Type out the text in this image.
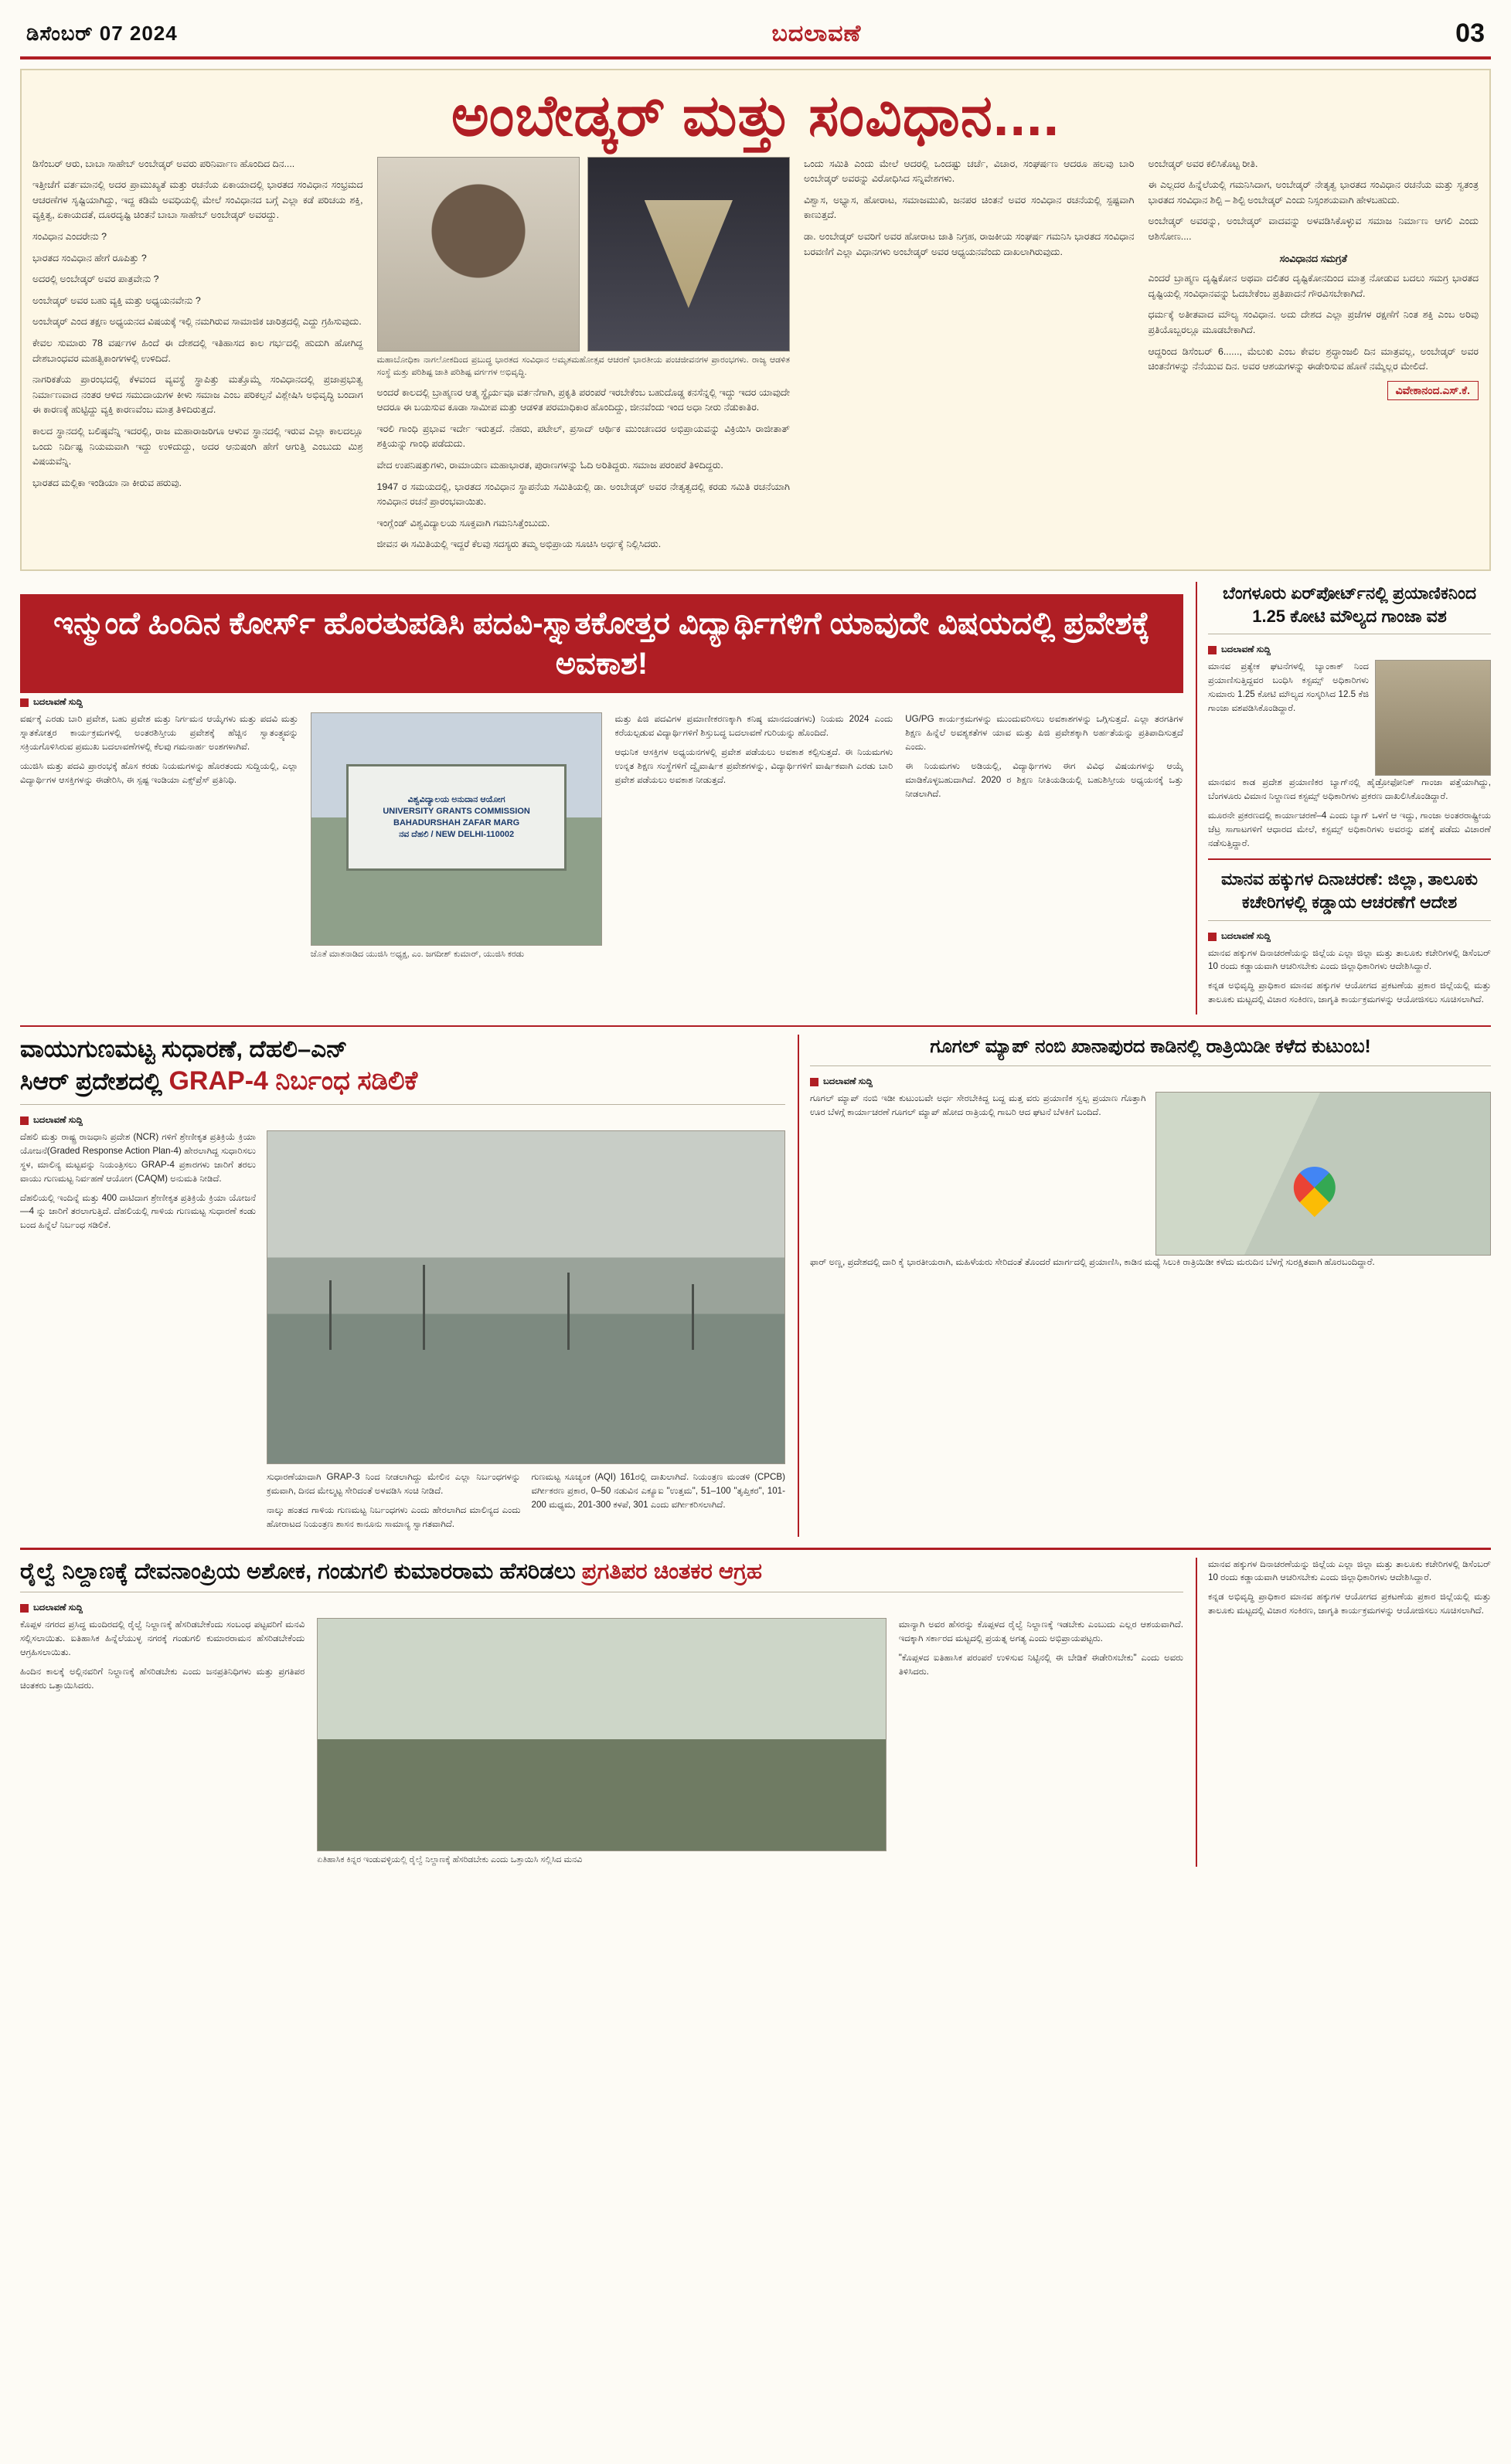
ಡಿಸೆಂಬರ್ 07 2024	ಬದಲಾವಣೆ	03
ಅಂಬೇಡ್ಕರ್ ಮತ್ತು ಸಂವಿಧಾನ....

ಡಿಸೆಂಬರ್ ಆರು, ಬಾಬಾ ಸಾಹೇಬ್ ಅಂಬೇಡ್ಕರ್ ಅವರು ಪರಿನಿರ್ವಾಣ ಹೊಂದಿದ ದಿನ....

ಇತ್ತೀಚೆಗೆ ವರ್ತಮಾನಲ್ಲಿ ಅದರ ಪ್ರಾಮುಖ್ಯತೆ ಮತ್ತು ರಚನೆಯ ಏಕಾಯಾದಲ್ಲಿ ಭಾರತದ ಸಂವಿಧಾನ ಸಂಭ್ರಮದ ಆಚರಣೆಗಳ ಸೃಷ್ಟಿಯಾಗಿದ್ದು, ಇದ್ದ ಕಡಿಮೆ ಅವಧಿಯಲ್ಲಿ ಮೇಲೆ ಸಂವಿಧಾನದ ಬಗ್ಗೆ ಎಲ್ಲಾ ಕಡೆ ಪರಿಚಯ ಶಕ್ತಿ, ವ್ಯಕ್ತಿತ್ವ, ಏಕಾಯದತೆ, ದೂರದೃಷ್ಟಿ ಚಿಂತನೆ ಬಾಬಾ ಸಾಹೇಬ್ ಅಂಬೇಡ್ಕರ್ ಅವರದ್ದು.

ಸಂವಿಧಾನ ಎಂದರೇನು ?

ಭಾರತದ ಸಂವಿಧಾನ ಹೇಗೆ ರೂಪಿತ್ತು ?

ಅದರಲ್ಲಿ ಅಂಬೇಡ್ಕರ್ ಅವರ ಪಾತ್ರವೇನು ?

ಅಂಬೇಡ್ಕರ್ ಅವರ ಬಹು ವ್ಯಕ್ತಿ ಮತ್ತು ಅಧ್ಯಯನವೇನು ?

ಅಂಬೇಡ್ಕರ್ ಎಂದ ತಕ್ಷಣ ಅಧ್ಯಯನದ ವಿಷಯಕ್ಕೆ ಇಲ್ಲಿ ನಮಗಿರುವ ಸಾಮಾಜಿಕ ಚಾರಿತ್ರದಲ್ಲಿ ಎದ್ದು ಗ್ರಹಿಸುವುದು.

ಕೇವಲ ಸುಮಾರು 78 ವರ್ಷಗಳ ಹಿಂದೆ ಈ ದೇಶದಲ್ಲಿ ಇತಿಹಾಸದ ಕಾಲ ಗರ್ಭದಲ್ಲಿ ಹುದುಗಿ ಹೋಗಿದ್ದ ದೇಶಬಾಂಧವರ ಮಹತ್ವಿಕಾಂಗಗಳಲ್ಲಿ ಉಳಿದಿದೆ.

ನಾಗರಿಕತೆಯ ಪ್ರಾರಂಭದಲ್ಲಿ ಕೆಳವಂದ ವ್ಯವಸ್ಥೆ ಸ್ಥಾಪಿತ್ತು ಮತ್ತೊಮ್ಮೆ ಸಂವಿಧಾನದಲ್ಲಿ ಪ್ರಜಾಪ್ರಭುತ್ವ ನಿರ್ಮಾಣವಾದ ನಂತರ ಆಳಿದ ಸಮುದಾಯಗಳ ಕೀಳು ಸಮಾಜ ಎಂಬ ಪರಿಕಲ್ಪನೆ ವಿಶ್ಲೇಷಿಸಿ ಅಭಿವೃದ್ಧಿ ಬಂದಾಗ ಈ ಕಾರಣಕ್ಕೆ ಹುಟ್ಟಿದ್ದು ವ್ಯಕ್ತಿ ಕಾರಣವೆಂಬ ಮಾತ್ರ ತಿಳಿದಿರುತ್ತದೆ.

ಕಾಲದ ಸ್ಥಾನದಲ್ಲಿ ಬಲಿಷ್ಠವೆನ್ನಿ ಇದರಲ್ಲಿ, ರಾಜ ಮಹಾರಾಜರಿಗೂ ಆಳುವ ಸ್ಥಾನದಲ್ಲಿ ಇರುವ ಎಲ್ಲಾ ಕಾಲದಲ್ಲೂ ಒಂದು ನಿರ್ದಿಷ್ಟ ನಿಯಮವಾಗಿ ಇದ್ದು ಉಳಿದುದ್ದು, ಅದರ ಆನುಷಂಗಿ ಹೇಗೆ ಆಗುತ್ತಿ ಎಂಬುದು ಮಿಶ್ರ ವಿಷಯವೆನ್ನಿ.

ಭಾರತದ ಮಲ್ಲಿಕಾ ಇಂಡಿಯಾ ನಾ ಕೀರುವ ಹರುವು.

ಮಹಾಬೋಧಿಕಾ ನಾಗಲೋಕದಿಂದ ಪ್ರಬುದ್ಧ ಭಾರತದ ಸಂವಿಧಾನ ಅಮೃತಮಹೋತ್ಸವ ಆಚರಣೆ ಭಾರತೀಯ ಪಂಚಜೀವನಗಳ ಪ್ರಾರಂಭಗಳು. ರಾಜ್ಯ ಆಡಳಿತ ಸಂಸ್ಥೆ ಮತ್ತು ಪರಿಶಿಷ್ಟ ಜಾತಿ ಪರಿಶಿಷ್ಟ ವರ್ಗಗಳ ಅಭಿವೃದ್ಧಿ.

ಅಂದರೆ ಕಾಲದಲ್ಲಿ ಬ್ರಾಹ್ಮಣರ ಆತ್ಮ ಸ್ಥೈರ್ಯವೂ ವರ್ತನೆಗಾಗಿ, ಪ್ರಕೃತಿ ಪರಂಪರೆ ಇರಬೇಕೆಂಬ ಬಹುದೊಡ್ಡ ಕನಸೆನ್ನಲ್ಲಿ ಇದ್ದು ಇದರ ಯಾವುದೇ ಆದರೂ ಈ ಬಯಸುವ ಕೂಡಾ ಸಾಮೀಪ ಮತ್ತು ಆಡಳಿತ ಪರಮಾಧಿಕಾರ ಹೊಂದಿದ್ದು, ಜೀನವೆಂದು ಇಂದ ಅಧಾ ನೀರು ನೆಡುಕಾತಿರ.

ಇರಲಿ ಗಾಂಧಿ ಪ್ರಭಾವ ಇರ್ದೇ ಇರುತ್ತದೆ. ನೆಹರು, ಪಟೇಲ್, ಪ್ರಸಾದ್ ಆರ್ಥಿಕ ಮುಂಚಣದರ ಅಭಿಪ್ರಾಯವನ್ನು ವಿಕ್ರಿಯಿಸಿ ರಾಜೀತಾತ್ ಶಕ್ತಿಯನ್ನು ಗಾಂಧಿ ಪಡೆದುದು.

ವೇದ ಉಪನಿಷತ್ತುಗಳು, ರಾಮಾಯಣ ಮಹಾಭಾರತ, ಪುರಾಣಗಳನ್ನು ಓದಿ ಅರಿತಿದ್ದರು. ಸಮಾಜ ಪರಂಪರೆ ತಿಳಿದಿದ್ದರು.

1947 ರ ಸಮಯದಲ್ಲಿ, ಭಾರತದ ಸಂವಿಧಾನ ಸ್ಥಾಪನೆಯ ಸಮಿತಿಯಲ್ಲಿ ಡಾ. ಅಂಬೇಡ್ಕರ್ ಅವರ ನೇತೃತ್ವದಲ್ಲಿ ಕರಡು ಸಮಿತಿ ರಚನೆಯಾಗಿ ಸಂವಿಧಾನ ರಚನೆ ಪ್ರಾರಂಭವಾಯಿತು.

ಇಂಗ್ಲೆಂಡ್ ವಿಶ್ವವಿದ್ಯಾಲಯ ಸೂಕ್ತವಾಗಿ ಗಮನಿಸಿತ್ತೆಂಬುದು.

ಜೀವನ ಈ ಸಮಿತಿಯಲ್ಲಿ ಇದ್ದರೆ ಕೆಲವು ಸದಸ್ಯರು ತಮ್ಮ ಅಭಿಪ್ರಾಯ ಸೂಚಿಸಿ ಅರ್ಧಕ್ಕೆ ನಿಲ್ಲಿಸಿದರು.

ಒಂದು ಸಮಿತಿ ಎಂದು ಮೇಲೆ ಆದರಲ್ಲಿ ಒಂದಷ್ಟು ಚರ್ಚೆ, ವಿಚಾರ, ಸಂಘರ್ಷಣ ಆದರೂ ಹಲವು ಬಾರಿ ಅಂಬೇಡ್ಕರ್ ಅವರನ್ನು ವಿರೋಧಿಸಿದ ಸನ್ನಿವೇಶಗಳು.

ವಿಶ್ವಾಸ, ಅಭ್ಯಾಸ, ಹೋರಾಟ, ಸಮಾಜಮುಖಿ, ಜನಪರ ಚಿಂತನೆ ಅವರ ಸಂವಿಧಾನ ರಚನೆಯಲ್ಲಿ ಸ್ಪಷ್ಟವಾಗಿ ಕಾಣುತ್ತದೆ.

ಡಾ. ಅಂಬೇಡ್ಕರ್ ಅವರಿಗೆ ಅವರ ಹೋರಾಟ ಜಾತಿ ನಿಗ್ರಹ, ರಾಜಕೀಯ ಸಂಘರ್ಷ ಗಮನಿಸಿ ಭಾರತದ ಸಂವಿಧಾನ ಬರವಣಿಗೆ ಎಲ್ಲಾ ವಿಧಾನಗಳು ಅಂಬೇಡ್ಕರ್ ಅವರ ಆಧ್ಯಯನವೆಂದು ದಾಖಲಾಗಿರುವುದು.

ಅಂಬೇಡ್ಕರ್ ಅವರ ಕಲಿಸಿಕೊಟ್ಟ ರೀತಿ.

ಈ ಎಲ್ಲದರ ಹಿನ್ನೆಲೆಯಲ್ಲಿ ಗಮನಿಸಿದಾಗ, ಅಂಬೇಡ್ಕರ್ ನೇತೃತ್ವ ಭಾರತದ ಸಂವಿಧಾನ ರಚನೆಯ ಮತ್ತು ಸ್ವತಂತ್ರ ಭಾರತದ ಸಂವಿಧಾನ ಶಿಲ್ಪಿ – ಶಿಲ್ಪಿ ಅಂಬೇಡ್ಕರ್ ಎಂದು ನಿಸ್ಸಂಶಯವಾಗಿ ಹೇಳಬಹುದು.

ಅಂಬೇಡ್ಕರ್ ಅವರನ್ನು, ಅಂಬೇಡ್ಕರ್ ವಾದವನ್ನು ಅಳವಡಿಸಿಕೊಳ್ಳುವ ಸಮಾಜ ನಿರ್ಮಾಣ ಆಗಲಿ ಎಂದು ಆಶಿಸೋಣ....

ಸಂವಿಧಾನದ ಸಮಗ್ರತೆ

ಎಂದರೆ ಬ್ರಾಹ್ಮಣ ದೃಷ್ಟಿಕೋನ ಅಥವಾ ದಲಿತರ ದೃಷ್ಟಿಕೋನದಿಂದ ಮಾತ್ರ ನೋಡುವ ಬದಲು ಸಮಗ್ರ ಭಾರತದ ದೃಷ್ಟಿಯಲ್ಲಿ ಸಂವಿಧಾನವನ್ನು ಓದಬೇಕೆಂಬ ಪ್ರತಿಪಾದನೆ ಗೌರವಿಸಬೇಕಾಗಿದೆ.

ಧರ್ಮಕ್ಕೆ ಅತೀತವಾದ ಮೌಲ್ಯ ಸಂವಿಧಾನ. ಅದು ದೇಶದ ಎಲ್ಲಾ ಪ್ರಜೆಗಳ ರಕ್ಷಣೆಗೆ ನಿಂತ ಶಕ್ತಿ ಎಂಬ ಅರಿವು ಪ್ರತಿಯೊಬ್ಬರಲ್ಲೂ ಮೂಡಬೇಕಾಗಿದೆ.

ಆದ್ದರಿಂದ ಡಿಸೆಂಬರ್ 6......, ಮೆಲುಕು ಎಂಬ ಕೇವಲ ಶ್ರದ್ಧಾಂಜಲಿ ದಿನ ಮಾತ್ರವಲ್ಲ, ಅಂಬೇಡ್ಕರ್ ಅವರ ಚಿಂತನೆಗಳನ್ನು ನೆನೆಯುವ ದಿನ. ಅವರ ಆಶಯಗಳನ್ನು ಈಡೇರಿಸುವ ಹೊಣೆ ನಮ್ಮೆಲ್ಲರ ಮೇಲಿದೆ.

ವಿವೇಕಾನಂದ.ಎಸ್.ಕೆ.
ಇನ್ಮುಂದೆ ಹಿಂದಿನ ಕೋರ್ಸ್ ಹೊರತುಪಡಿಸಿ ಪದವಿ-ಸ್ನಾತಕೋತ್ತರ ವಿದ್ಯಾರ್ಥಿಗಳಿಗೆ ಯಾವುದೇ ವಿಷಯದಲ್ಲಿ ಪ್ರವೇಶಕ್ಕೆ ಅವಕಾಶ!
ಬದಲಾವಣೆ ಸುದ್ದಿ

ವರ್ಷಕ್ಕೆ ಎರಡು ಬಾರಿ ಪ್ರವೇಶ, ಬಹು ಪ್ರವೇಶ ಮತ್ತು ನಿರ್ಗಮನ ಆಯ್ಕೆಗಳು ಮತ್ತು ಪದವಿ ಮತ್ತು ಸ್ನಾತಕೋತ್ತರ ಕಾರ್ಯಕ್ರಮಗಳಲ್ಲಿ ಅಂತರಶಿಸ್ತೀಯ ಪ್ರವೇಶಕ್ಕೆ ಹೆಚ್ಚಿನ ಸ್ವಾತಂತ್ರ್ಯವನ್ನು ಸಕ್ರಿಯಗೊಳಿಸಿರುವ ಪ್ರಮುಖ ಬದಲಾವಣೆಗಳಲ್ಲಿ ಕೆಲವು ಗಮನಾರ್ಹ ಅಂಶಗಳಾಗಿವೆ.

ಯುಜಿಸಿ ಮತ್ತು ಪದವಿ ಪ್ರಾರಂಭಕ್ಕೆ ಹೊಸ ಕರಡು ನಿಯಮಗಳನ್ನು ಹೊರತಂದು ಸುದ್ದಿಯಲ್ಲಿ, ಎಲ್ಲಾ ವಿದ್ಯಾರ್ಥಿಗಳ ಆಸಕ್ತಿಗಳನ್ನು ಈಡೇರಿಸಿ, ಈ ಸ್ಪಷ್ಟ ಇಂಡಿಯಾ ಎಕ್ಸ್‌ಪ್ರೆಸ್ ಪ್ರತಿನಿಧಿ.

ವಿಶ್ವವಿದ್ಯಾಲಯ ಅನುದಾನ ಆಯೋಗ
UNIVERSITY GRANTS COMMISSION
BAHADURSHAH ZAFAR MARG
ನವ ದೆಹಲಿ / NEW DELHI-110002
ಜೊತೆ ಮಾತನಾಡಿದ ಯುಜಿಸಿ ಅಧ್ಯಕ್ಷ, ಎಂ. ಜಗದೀಶ್ ಕುಮಾರ್, ಯುಜಿಸಿ ಕರಡು

ಮತ್ತು ಪಿಜಿ ಪದವಿಗಳ ಪ್ರಮಾಣೀಕರಣಕ್ಕಾಗಿ ಕನಿಷ್ಠ ಮಾನದಂಡಗಳು) ನಿಯಮ 2024 ಎಂದು ಕರೆಯಲ್ಪಡುವ ವಿದ್ಯಾರ್ಥಿಗಳಿಗೆ ಶಿಸ್ತುಬದ್ಧ ಬದಲಾವಣೆ ಗುರಿಯನ್ನು ಹೊಂದಿದೆ.

ಆಧುನಿಕ ಆಸಕ್ತಿಗಳ ಅಧ್ಯಯನಗಳಲ್ಲಿ ಪ್ರವೇಶ ಪಡೆಯಲು ಅವಕಾಶ ಕಲ್ಪಿಸುತ್ತದೆ. ಈ ನಿಯಮಗಳು ಉನ್ನತ ಶಿಕ್ಷಣ ಸಂಸ್ಥೆಗಳಿಗೆ ದ್ವೈವಾರ್ಷಿಕ ಪ್ರವೇಶಗಳನ್ನು, ವಿದ್ಯಾರ್ಥಿಗಳಿಗೆ ವಾರ್ಷಿಕವಾಗಿ ಎರಡು ಬಾರಿ ಪ್ರವೇಶ ಪಡೆಯಲು ಅವಕಾಶ ನೀಡುತ್ತದೆ.

UG/PG ಕಾರ್ಯಕ್ರಮಗಳನ್ನು ಮುಂದುವರಿಸಲು ಅವಕಾಶಗಳನ್ನು ಒಗ್ಗಿಸುತ್ತದೆ. ಎಲ್ಲಾ ತರಗತಿಗಳ ಶಿಕ್ಷಣ ಹಿನ್ನೆಲೆ ಅವಶ್ಯಕತೆಗಳ ಯಾವ ಮತ್ತು ಪಿಜಿ ಪ್ರವೇಶಕ್ಕಾಗಿ ಅರ್ಹತೆಯನ್ನು ಪ್ರತಿಪಾದಿಸುತ್ತದೆ ಎಂದು.

ಈ ನಿಯಮಗಳು ಅಡಿಯಲ್ಲಿ, ವಿದ್ಯಾರ್ಥಿಗಳು ಈಗ ವಿವಿಧ ವಿಷಯಗಳನ್ನು ಆಯ್ಕೆ ಮಾಡಿಕೊಳ್ಳಬಹುದಾಗಿದೆ. 2020 ರ ಶಿಕ್ಷಣ ನೀತಿಯಡಿಯಲ್ಲಿ ಬಹುಶಿಸ್ತೀಯ ಅಧ್ಯಯನಕ್ಕೆ ಒತ್ತು ನೀಡಲಾಗಿದೆ.

ಬೆಂಗಳೂರು ಏರ್‌ಪೋರ್ಟ್‌ನಲ್ಲಿ ಪ್ರಯಾಣಿಕನಿಂದ 1.25 ಕೋಟಿ ಮೌಲ್ಯದ ಗಾಂಜಾ ವಶ
ಬದಲಾವಣೆ ಸುದ್ದಿ

ಮಾನವ ಪ್ರತ್ಯೇಕ ಘಟನೆಗಳಲ್ಲಿ ಬ್ಯಾಂಕಾಕ್ ನಿಂದ ಪ್ರಯಾಣಿಸುತ್ತಿದ್ದವರ ಬಂಧಿಸಿ ಕಸ್ಟಮ್ಸ್ ಅಧಿಕಾರಿಗಳು ಸುಮಾರು 1.25 ಕೋಟಿ ಮೌಲ್ಯದ ಸಂಸ್ಕರಿಸಿದ 12.5 ಕೆಜಿ ಗಾಂಜಾ ವಶಪಡಿಸಿಕೊಂಡಿದ್ದಾರೆ.

ಮಾನವನ ಕಾಡ ಪ್ರದೇಶ ಪ್ರಯಾಣಿಕರ ಬ್ಯಾಗ್‌ನಲ್ಲಿ ಹೈಡ್ರೋಫೋನಿಕ್ ಗಾಂಜಾ ಪತ್ತೆಯಾಗಿದ್ದು, ಬೆಂಗಳೂರು ವಿಮಾನ ನಿಲ್ದಾಣದ ಕಸ್ಟಮ್ಸ್ ಅಧಿಕಾರಿಗಳು ಪ್ರಕರಣ ದಾಖಲಿಸಿಕೊಂಡಿದ್ದಾರೆ.

ಮೂರನೇ ಪ್ರಕರಣದಲ್ಲಿ ಕಾರ್ಯಾಚರಣೆ–4 ಎಂದು ಬ್ಯಾಗ್ ಒಳಗೆ ಆ ಇದ್ದು, ಗಾಂಜಾ ಅಂತರರಾಷ್ಟ್ರೀಯ ಜೆಟ್ರ ಸಾಗಾಟಗಳಿಗೆ ಆಧಾರದ ಮೇಲೆ, ಕಸ್ಟಮ್ಸ್ ಅಧಿಕಾರಿಗಳು ಅವರನ್ನು ವಶಕ್ಕೆ ಪಡೆದು ವಿಚಾರಣೆ ನಡೆಸುತ್ತಿದ್ದಾರೆ.

ಮಾನವ ಹಕ್ಕುಗಳ ದಿನಾಚರಣೆ: ಜಿಲ್ಲಾ, ತಾಲೂಕು ಕಚೇರಿಗಳಲ್ಲಿ ಕಡ್ಡಾಯ ಆಚರಣೆಗೆ ಆದೇಶ
ಬದಲಾವಣೆ ಸುದ್ದಿ

ಮಾನವ ಹಕ್ಕುಗಳ ದಿನಾಚರಣೆಯನ್ನು ಜಿಲ್ಲೆಯ ಎಲ್ಲಾ ಜಿಲ್ಲಾ ಮತ್ತು ತಾಲೂಕು ಕಚೇರಿಗಳಲ್ಲಿ ಡಿಸೆಂಬರ್ 10 ರಂದು ಕಡ್ಡಾಯವಾಗಿ ಆಚರಿಸಬೇಕು ಎಂದು ಜಿಲ್ಲಾಧಿಕಾರಿಗಳು ಆದೇಶಿಸಿದ್ದಾರೆ.

ಕನ್ನಡ ಅಭಿವೃದ್ಧಿ ಪ್ರಾಧಿಕಾರ ಮಾನವ ಹಕ್ಕುಗಳ ಆಯೋಗದ ಪ್ರಕಟಣೆಯ ಪ್ರಕಾರ ಜಿಲ್ಲೆಯಲ್ಲಿ ಮತ್ತು ತಾಲೂಕು ಮಟ್ಟದಲ್ಲಿ ವಿಚಾರ ಸಂಕಿರಣ, ಜಾಗೃತಿ ಕಾರ್ಯಕ್ರಮಗಳನ್ನು ಆಯೋಜಿಸಲು ಸೂಚಿಸಲಾಗಿದೆ.

ವಾಯುಗುಣಮಟ್ಟ ಸುಧಾರಣೆ, ದೆಹಲಿ–ಎನ್
ಸಿಆರ್ ಪ್ರದೇಶದಲ್ಲಿ GRAP-4 ನಿರ್ಬಂಧ ಸಡಿಲಿಕೆ
ಬದಲಾವಣೆ ಸುದ್ದಿ

ದೆಹಲಿ ಮತ್ತು ರಾಷ್ಟ್ರ ರಾಜಧಾನಿ ಪ್ರದೇಶ (NCR) ಗಳಿಗೆ ಶ್ರೇಣೀಕೃತ ಪ್ರತಿಕ್ರಿಯೆ ಕ್ರಿಯಾ ಯೋಜನೆ(Graded Response Action Plan-4) ಹೇರಲಾಗಿದ್ದ ಸುಧಾರಿಸಲು ಸ್ಥಳ, ಮಾಲಿನ್ಯ ಮಟ್ಟವನ್ನು ನಿಯಂತ್ರಿಸಲು GRAP-4 ಪ್ರಕಾರಗಳು ಜಾರಿಗೆ ತರಲು ವಾಯು ಗುಣಮಟ್ಟ ನಿರ್ವಹಣೆ ಆಯೋಗ (CAQM) ಅನುಮತಿ ನೀಡಿದೆ.

ದೆಹಲಿಯಲ್ಲಿ ಇಂದಿನ್ನೆ ಮತ್ತು 400 ದಾಟಿದಾಗ ಶ್ರೇಣೀಕೃತ ಪ್ರತಿಕ್ರಿಯೆ ಕ್ರಿಯಾ ಯೋಜನೆ—4 ನ್ನು ಜಾರಿಗೆ ತರಲಾಗುತ್ತಿದೆ. ದೆಹಲಿಯಲ್ಲಿ ಗಾಳಿಯ ಗುಣಮಟ್ಟ ಸುಧಾರಣೆ ಕಂಡು ಬಂದ ಹಿನ್ನೆಲೆ ನಿರ್ಬಂಧ ಸಡಿಲಿಕೆ.

ಸುಧಾರಣೆಯಾದಾಗಿ GRAP-3 ನಿಂದ ನೀಡಲಾಗಿದ್ದು ಮೇಲಿನ ಎಲ್ಲಾ ನಿರ್ಬಂಧಗಳನ್ನು ಕ್ರಮವಾಗಿ, ದಿನದ ಮೇಲ್ಮಟ್ಟ ಸೇರಿದಂತೆ ಅಳವಡಿಸಿ ಸಂಚಿ ನೀಡಿದೆ.

ನಾಲ್ಕು ಹಂತದ ಗಾಳಿಯ ಗುಣಮಟ್ಟ ನಿರ್ಬಂಧಗಳು ಎಂದು ಹೇರಲಾಗಿದ ಮಾಲಿನ್ಯದ ಎಂದು ಹೋರಾಟದ ನಿಯಂತ್ರಣ ಶಾಸನ ಕಾನೂನು ಸಾಮಾನ್ಯ ಸ್ವಾಗತವಾಗಿದೆ.

ಗುಣಮಟ್ಟ ಸೂಚ್ಯಂಕ (AQI) 161ರಲ್ಲಿ ದಾಖಲಾಗಿದೆ. ನಿಯಂತ್ರಣ ಮಂಡಳಿ (CPCB) ವರ್ಗೀಕರಣ ಪ್ರಕಾರ, 0–50 ನಡುವಿನ ಎಕ್ಯೂಐ "ಉತ್ತಮ", 51–100 "ತೃಪ್ತಿಕರ", 101-200 ಮಧ್ಯಮ, 201-300 ಕಳಪೆ, 301 ಎಂದು ವರ್ಗೀಕರಿಸಲಾಗಿದೆ.

ಗೂಗಲ್ ಮ್ಯಾಪ್ ನಂಬಿ ಖಾನಾಪುರದ ಕಾಡಿನಲ್ಲಿ ರಾತ್ರಿಯಿಡೀ ಕಳೆದ ಕುಟುಂಬ!
ಬದಲಾವಣೆ ಸುದ್ದಿ

ಗೂಗಲ್ ಮ್ಯಾಪ್ ನಂಬಿ ಇಡೀ ಕುಟುಂಬವೇ ಅರ್ಧ ಸೇರಬೇಕಿದ್ದ ಬದ್ದ ಮತ್ತ ವರು ಪ್ರಯಾಣಿಕ ಸ್ವಲ್ಪ ಪ್ರಯಾಣ ಗೊತ್ತಾಗಿ ಊರ ಬೆಳಗ್ಗೆ ಕಾರ್ಯಾಚರಣೆ ಗೂಗಲ್ ಮ್ಯಾಪ್ ಹೋದ ರಾತ್ರಿಯಲ್ಲಿ ಗಾಬರಿ ಆದ ಘಟನೆ ಬೆಳಕಿಗೆ ಬಂದಿದೆ.

ಫಾರ್ ಅಣ್ಣ, ಪ್ರದೇಶದಲ್ಲಿ ದಾರಿ ಕೈ ಭಾರತೀಯರಾಗಿ, ಮಹಿಳೆಯರು ಸೇರಿದಂತೆ ತೊಂದರೆ ಮಾರ್ಗದಲ್ಲಿ ಪ್ರಯಾಣಿಸಿ, ಕಾಡಿನ ಮಧ್ಯೆ ಸಿಲುಕಿ ರಾತ್ರಿಯಿಡೀ ಕಳೆದು ಮರುದಿನ ಬೆಳಗ್ಗೆ ಸುರಕ್ಷಿತವಾಗಿ ಹೊರಬಂದಿದ್ದಾರೆ.

ರೈಲ್ವೆ ನಿಲ್ದಾಣಕ್ಕೆ ದೇವನಾಂಪ್ರಿಯ ಅಶೋಕ, ಗಂಡುಗಲಿ ಕುಮಾರರಾಮ ಹೆಸರಿಡಲು ಪ್ರಗತಿಪರ ಚಿಂತಕರ ಆಗ್ರಹ
ಬದಲಾವಣೆ ಸುದ್ದಿ

ಕೊಪ್ಪಳ ನಗರದ ಪ್ರಸಿದ್ಧ ಮಂದಿರದಲ್ಲಿ ರೈಲ್ವೆ ನಿಲ್ದಾಣಕ್ಕೆ ಹೆಸರಿಡಬೇಕೆಂದು ಸಂಬಂಧ ಪಟ್ಟವರಿಗೆ ಮನವಿ ಸಲ್ಲಿಸಲಾಯಿತು. ಐತಿಹಾಸಿಕ ಹಿನ್ನೆಲೆಯುಳ್ಳ ನಗರಕ್ಕೆ ಗಂಡುಗಲಿ ಕುಮಾರರಾಮನ ಹೆಸರಿಡಬೇಕೆಂದು ಆಗ್ರಹಿಸಲಾಯಿತು.

ಹಿಂದಿನ ಕಾಲಕ್ಕೆ ಅಲ್ಲಿನವರಿಗೆ ನಿಲ್ದಾಣಕ್ಕೆ ಹೆಸರಿಡಬೇಕು ಎಂದು ಜನಪ್ರತಿನಿಧಿಗಳು ಮತ್ತು ಪ್ರಗತಿಪರ ಚಿಂತಕರು ಒತ್ತಾಯಿಸಿದರು.

ಏತಿಹಾಸಿಕ ಕಿನ್ನರ ಇಂಡುವಳ್ಳಿಯಲ್ಲಿ ರೈಲ್ವೆ ನಿಲ್ದಾಣಕ್ಕೆ ಹೆಸರಿಡಬೇಕು ಎಂದು ಒತ್ತಾಯಿಸಿ ಸಲ್ಲಿಸಿದ ಮನವಿ

ಮಾನ್ಯಾಗಿ ಅವರ ಹೆಸರನ್ನು ಕೊಪ್ಪಳದ ರೈಲ್ವೆ ನಿಲ್ದಾಣಕ್ಕೆ ಇಡಬೇಕು ಎಂಬುದು ಎಲ್ಲರ ಆಶಯವಾಗಿದೆ. ಇದಕ್ಕಾಗಿ ಸರ್ಕಾರದ ಮಟ್ಟದಲ್ಲಿ ಪ್ರಯತ್ನ ಅಗತ್ಯ ಎಂದು ಅಭಿಪ್ರಾಯಪಟ್ಟರು.

"ಕೊಪ್ಪಳದ ಐತಿಹಾಸಿಕ ಪರಂಪರೆ ಉಳಿಸುವ ನಿಟ್ಟಿನಲ್ಲಿ ಈ ಬೇಡಿಕೆ ಈಡೇರಿಸಬೇಕು" ಎಂದು ಅವರು ತಿಳಿಸಿದರು.

ಮಾನವ ಹಕ್ಕುಗಳ ದಿನಾಚರಣೆಯನ್ನು ಜಿಲ್ಲೆಯ ಎಲ್ಲಾ ಜಿಲ್ಲಾ ಮತ್ತು ತಾಲೂಕು ಕಚೇರಿಗಳಲ್ಲಿ ಡಿಸೆಂಬರ್ 10 ರಂದು ಕಡ್ಡಾಯವಾಗಿ ಆಚರಿಸಬೇಕು ಎಂದು ಜಿಲ್ಲಾಧಿಕಾರಿಗಳು ಆದೇಶಿಸಿದ್ದಾರೆ.

ಕನ್ನಡ ಅಭಿವೃದ್ಧಿ ಪ್ರಾಧಿಕಾರ ಮಾನವ ಹಕ್ಕುಗಳ ಆಯೋಗದ ಪ್ರಕಟಣೆಯ ಪ್ರಕಾರ ಜಿಲ್ಲೆಯಲ್ಲಿ ಮತ್ತು ತಾಲೂಕು ಮಟ್ಟದಲ್ಲಿ ವಿಚಾರ ಸಂಕಿರಣ, ಜಾಗೃತಿ ಕಾರ್ಯಕ್ರಮಗಳನ್ನು ಆಯೋಜಿಸಲು ಸೂಚಿಸಲಾಗಿದೆ.
